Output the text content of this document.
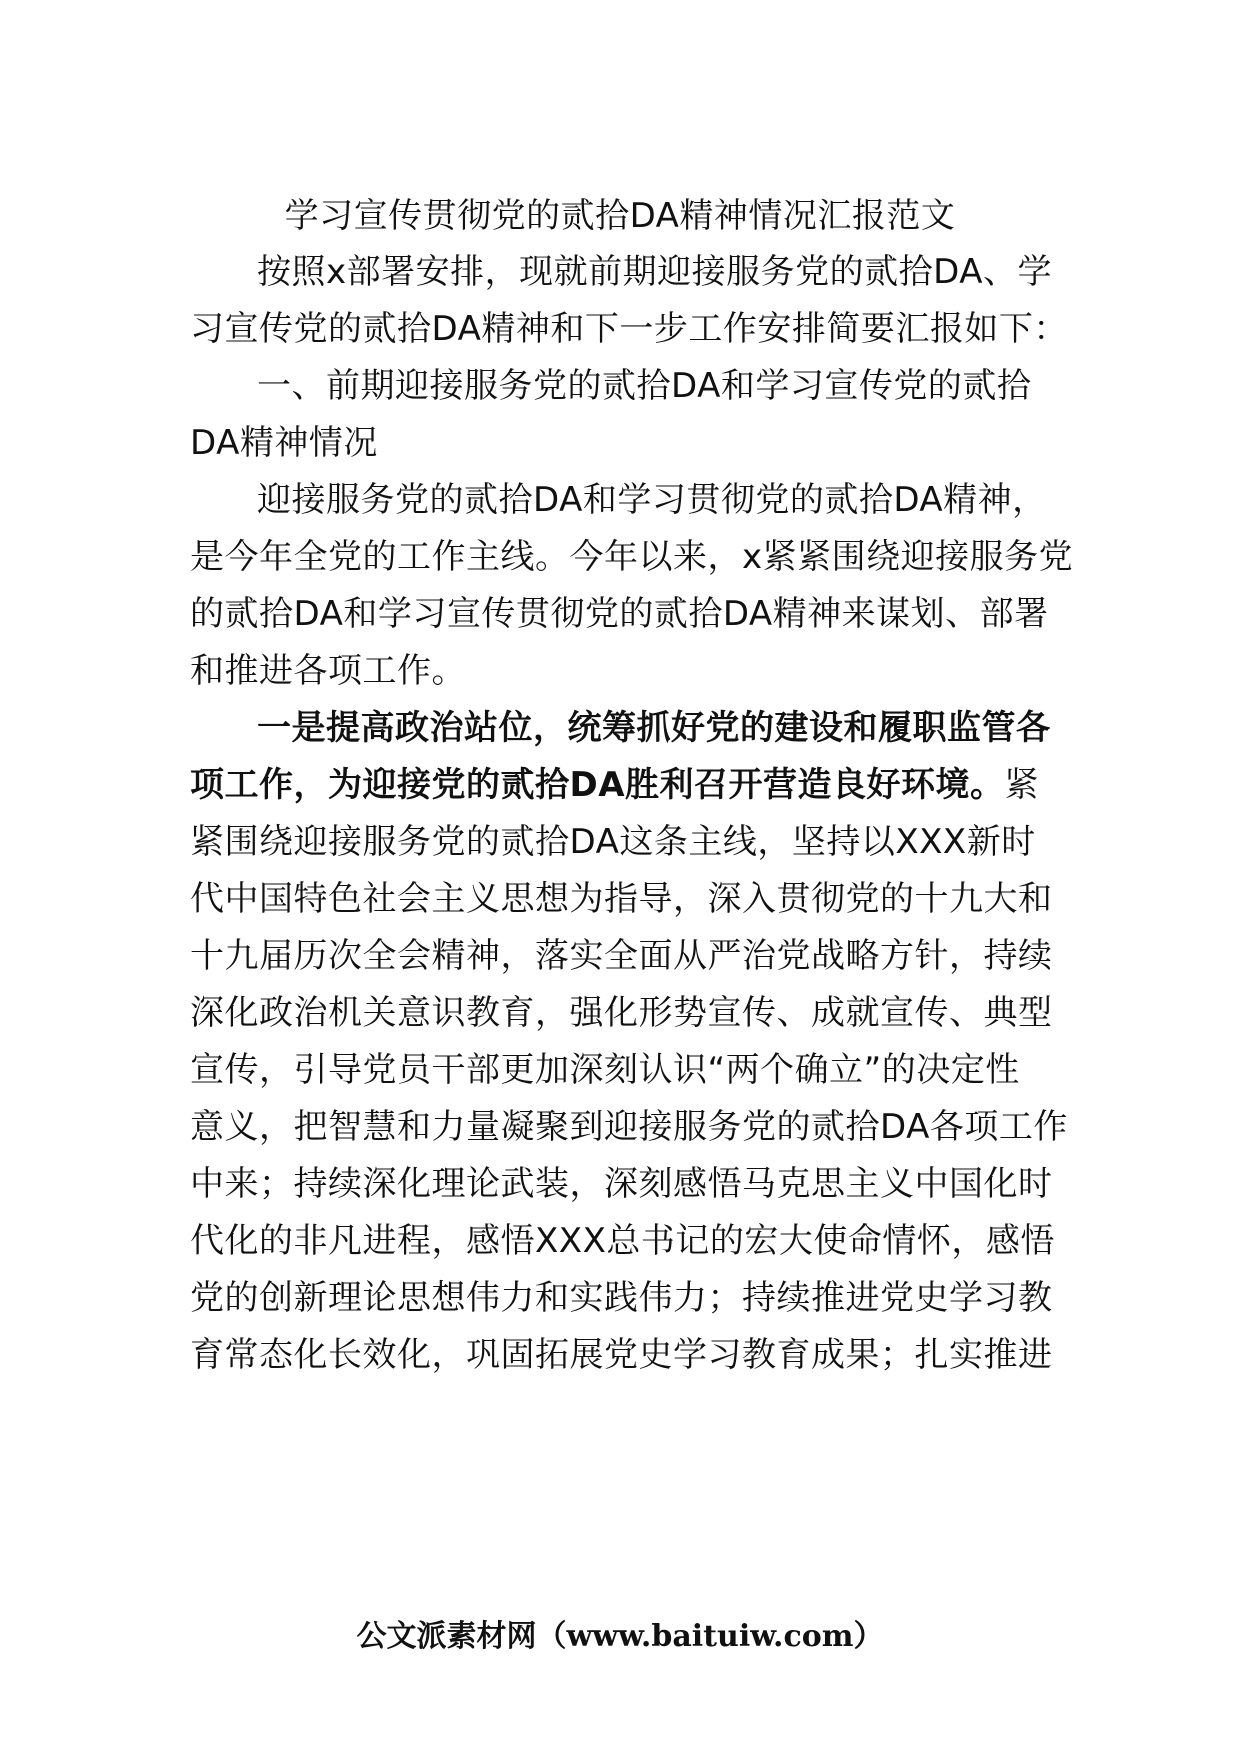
学习宣传贯彻党的贰拾DA精神情况汇报范文

按照x部署安排，现就前期迎接服务党的贰拾DA、学

习宣传党的贰拾DA精神和下一步工作安排简要汇报如下：

一、前期迎接服务党的贰拾DA和学习宣传党的贰拾

DA精神情况

迎接服务党的贰拾DA和学习贯彻党的贰拾DA精神，

是今年全党的工作主线。今年以来，x紧紧围绕迎接服务党

的贰拾DA和学习宣传贯彻党的贰拾DA精神来谋划、部署

和推进各项工作。

一是提高政治站位，统筹抓好党的建设和履职监管各

项工作，为迎接党的贰拾DA胜利召开营造良好环境。紧

紧围绕迎接服务党的贰拾DA这条主线，坚持以XXX新时

代中国特色社会主义思想为指导，深入贯彻党的十九大和

十九届历次全会精神，落实全面从严治党战略方针，持续

深化政治机关意识教育，强化形势宣传、成就宣传、典型

宣传，引导党员干部更加深刻认识“两个确立”的决定性

意义，把智慧和力量凝聚到迎接服务党的贰拾DA各项工作

中来；持续深化理论武装，深刻感悟马克思主义中国化时

代化的非凡进程，感悟XXX总书记的宏大使命情怀，感悟

党的创新理论思想伟力和实践伟力；持续推进党史学习教

育常态化长效化，巩固拓展党史学习教育成果；扎实推进

公文派素材网（www.baituiw.com）
